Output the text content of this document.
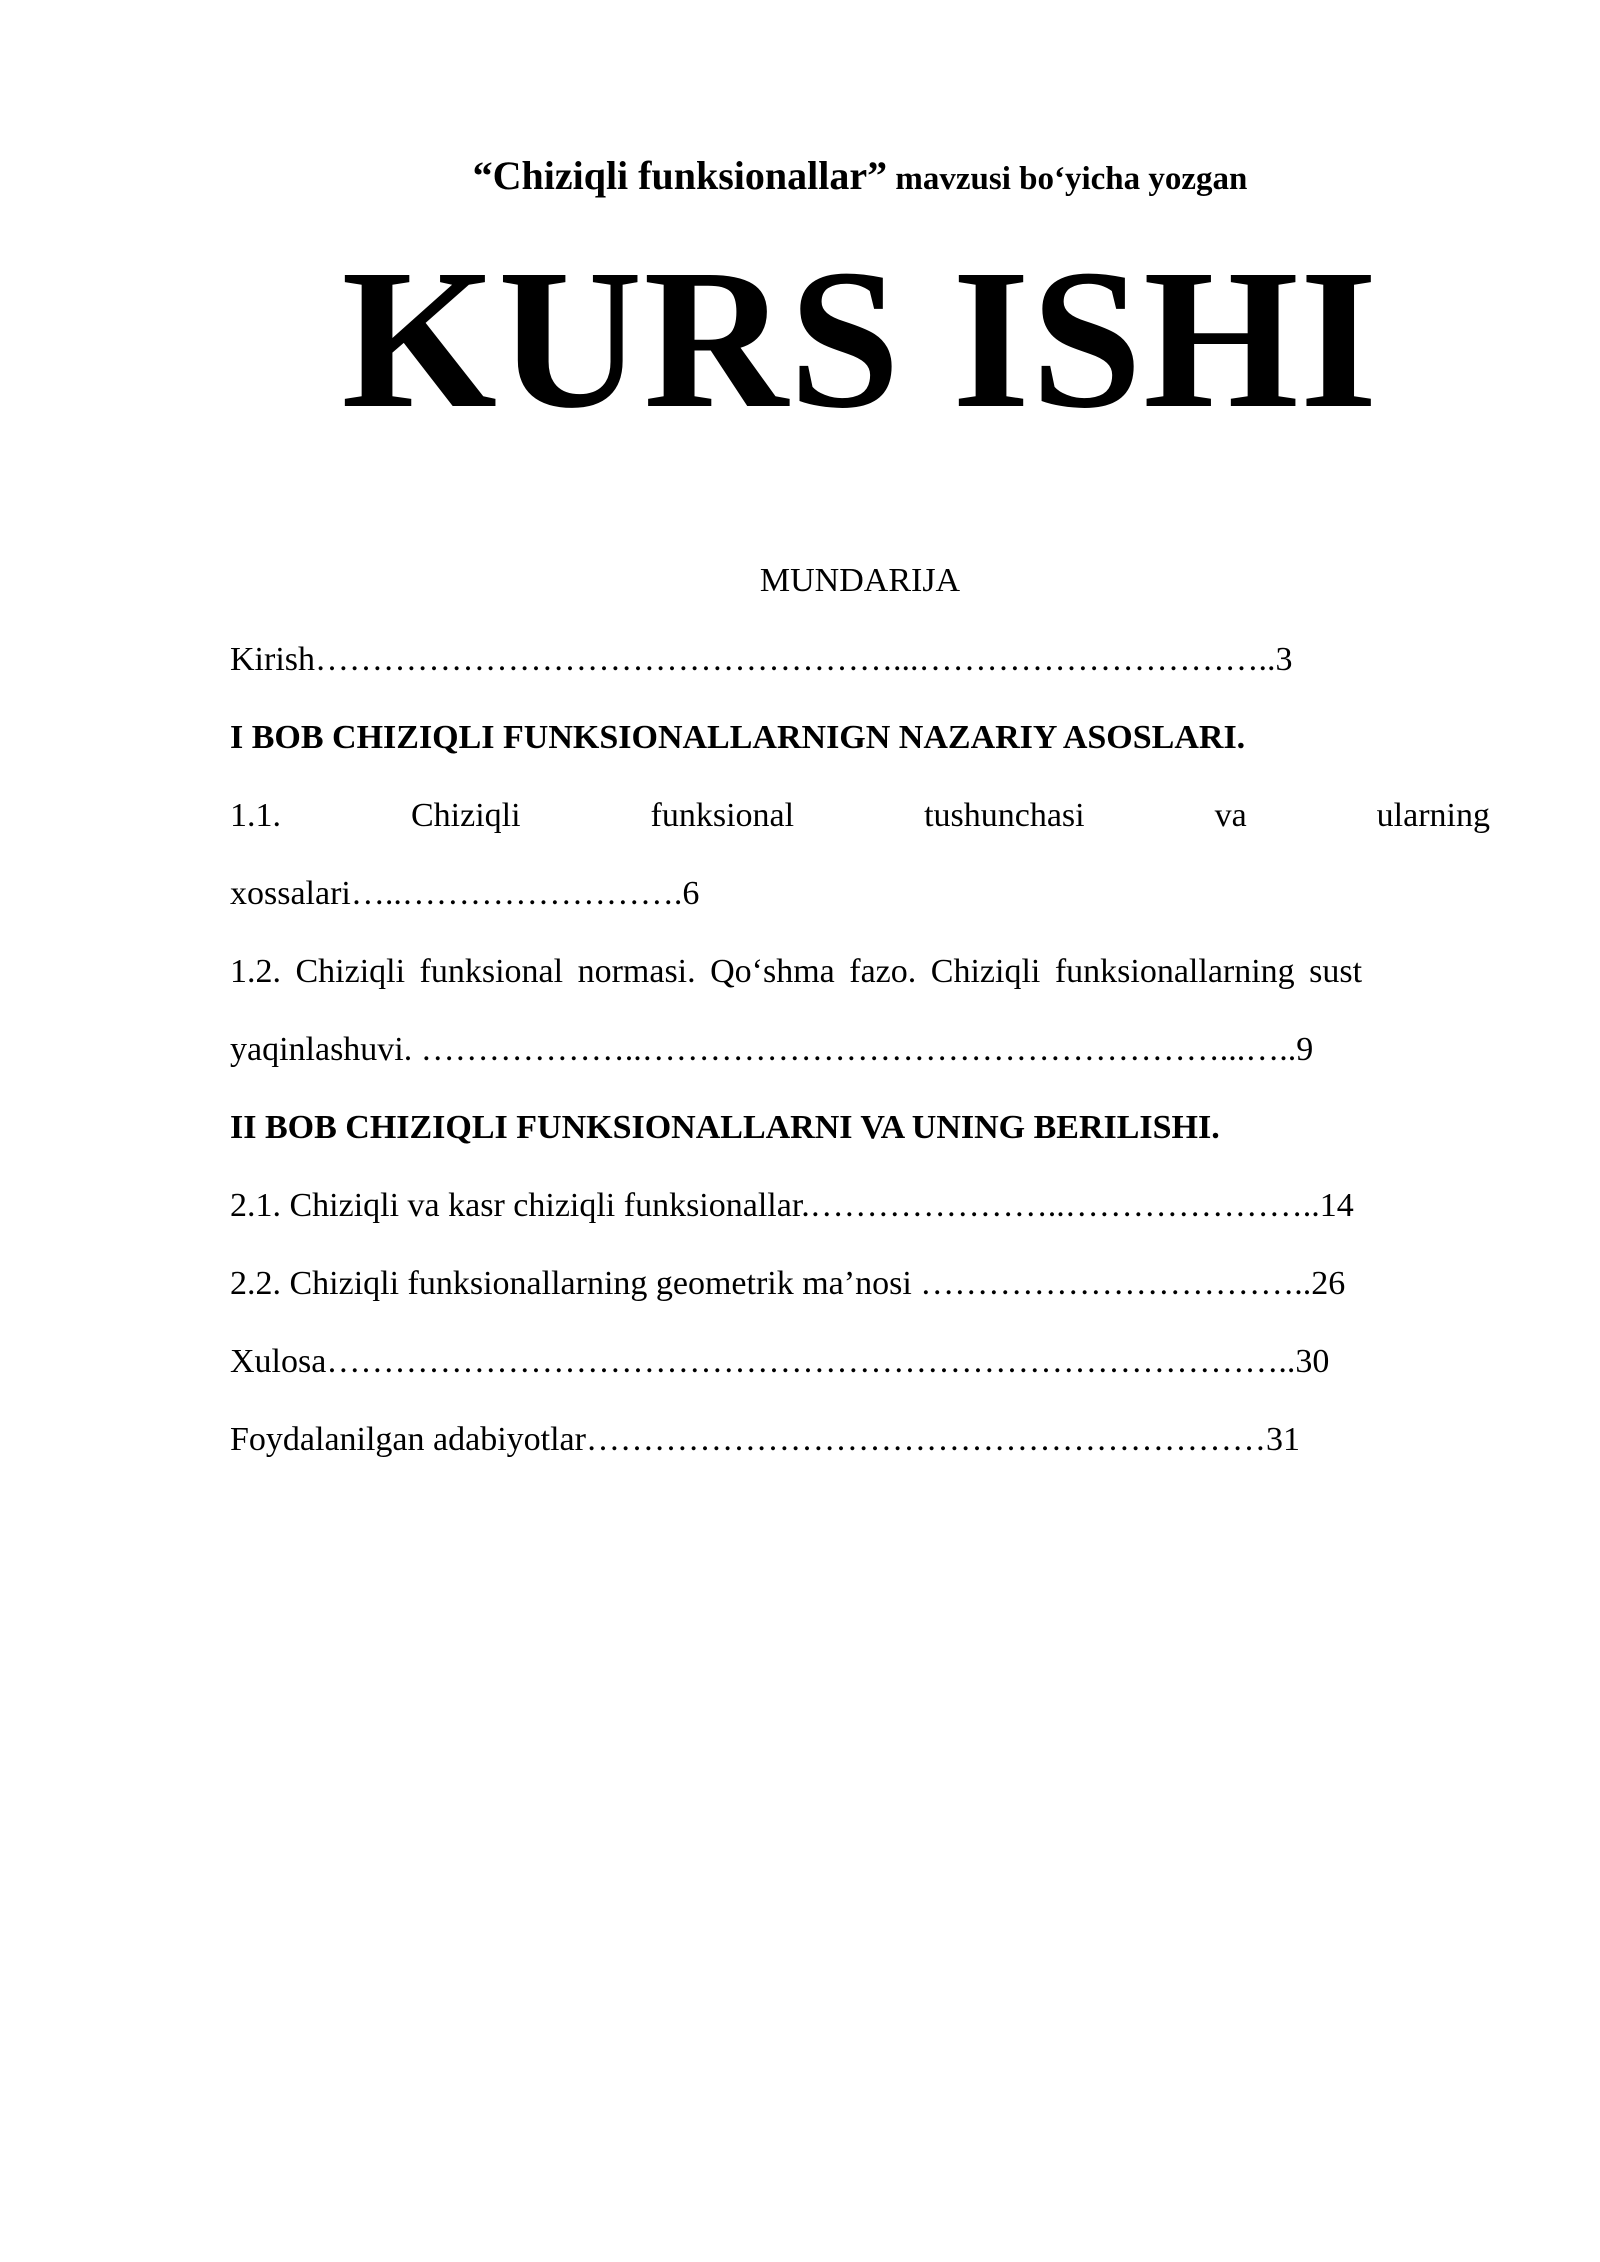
“Chiziqli funksionallar” mavzusi bo‘yicha yozgan
KURS ISHI
MUNDARIJA
Kirish……………………………………………...…………………………..3
I BOB CHIZIQLI FUNKSIONALLARNIGN NAZARIY ASOSLARI.
1.1.	Chiziqli	funksional	tushunchasi	va	ularning
xossalari…..…………………….6
1.2. Chiziqli funksional normasi. Qo‘shma fazo. Chiziqli funksionallarning sust
yaqinlashuvi. ………………..……………………………………………...…..9
II BOB CHIZIQLI FUNKSIONALLARNI VA UNING BERILISHI.
2.1. Chiziqli va kasr chiziqli funksionallar.…………………..…………………..14
2.2. Chiziqli funksionallarning geometrik ma’nosi ……………………………..26
Xulosa…………………………………………………………………………..30
Foydalanilgan adabiyotlar……………………………………………………31
